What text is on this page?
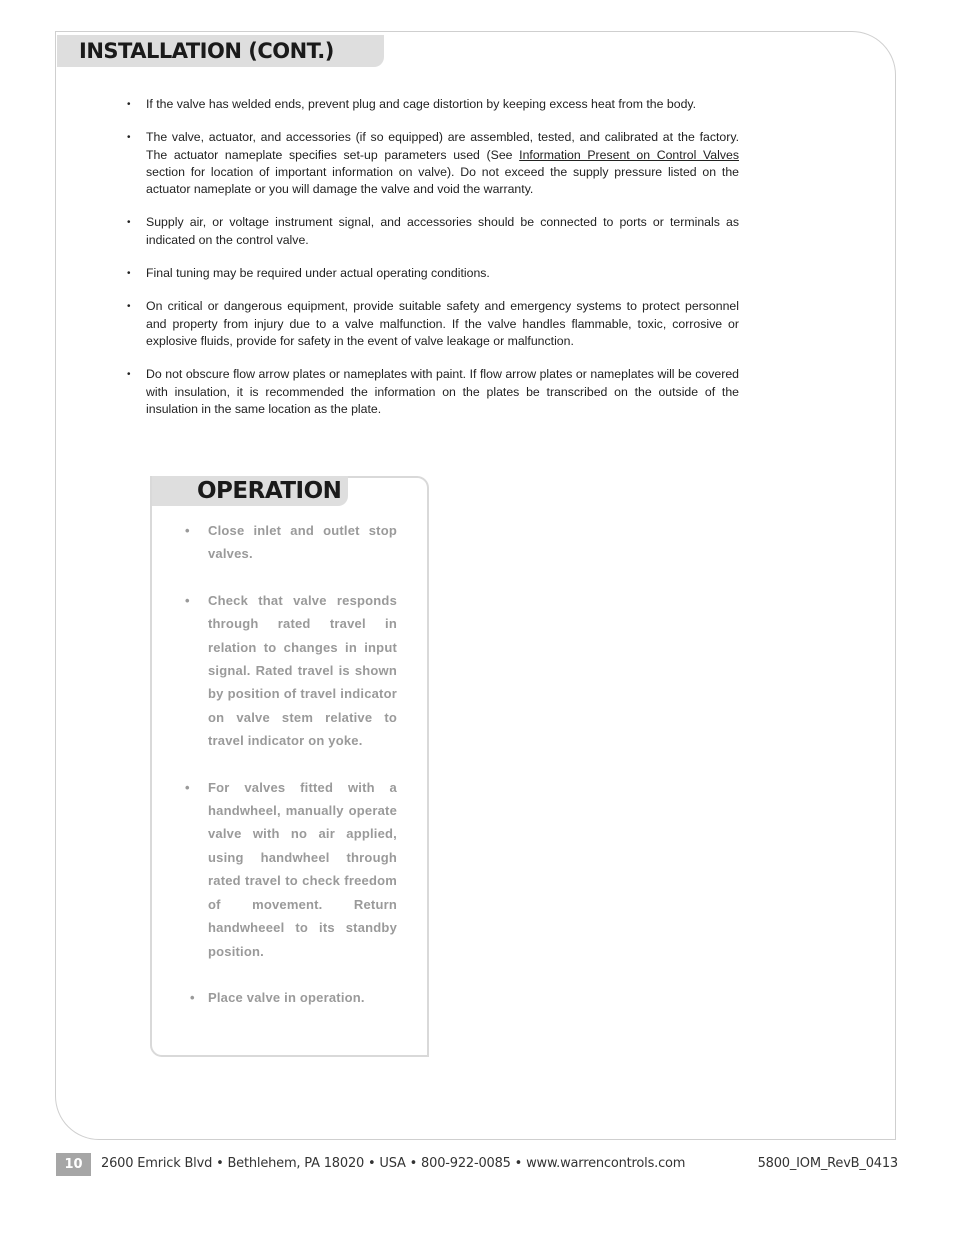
INSTALLATION (CONT.)
• If the valve has welded ends, prevent plug and cage distortion by keeping excess heat from the body.
• The valve, actuator, and accessories (if so equipped) are assembled, tested, and calibrated at the factory. The actuator nameplate specifies set-up parameters used (See Information Present on Control Valves section for location of important information on valve). Do not exceed the supply pressure listed on the actuator nameplate or you will damage the valve and void the warranty.
• Supply air, or voltage instrument signal, and accessories should be connected to ports or terminals as indicated on the control valve.
• Final tuning may be required under actual operating conditions.
• On critical or dangerous equipment, provide suitable safety and emergency systems to protect personnel and property from injury due to a valve malfunction. If the valve handles flammable, toxic, corrosive or explosive fluids, provide for safety in the event of valve leakage or malfunction.
• Do not obscure flow arrow plates or nameplates with paint. If flow arrow plates or nameplates will be covered with insulation, it is recommended the information on the plates be transcribed on the outside of the insulation in the same location as the plate.
OPERATION
• Close inlet and outlet stop valves.
• Check that valve responds through rated travel in relation to changes in input signal. Rated travel is shown by position of travel indicator on valve stem relative to travel indicator on yoke.
• For valves fitted with a handwheel, manually operate valve with no air applied, using handwheel through rated travel to check freedom of movement. Return handwheeel to its standby position.
• Place valve in operation.
10	2600 Emrick Blvd • Bethlehem, PA 18020 • USA • 800-922-0085 • www.warrencontrols.com	5800_IOM_RevB_0413
